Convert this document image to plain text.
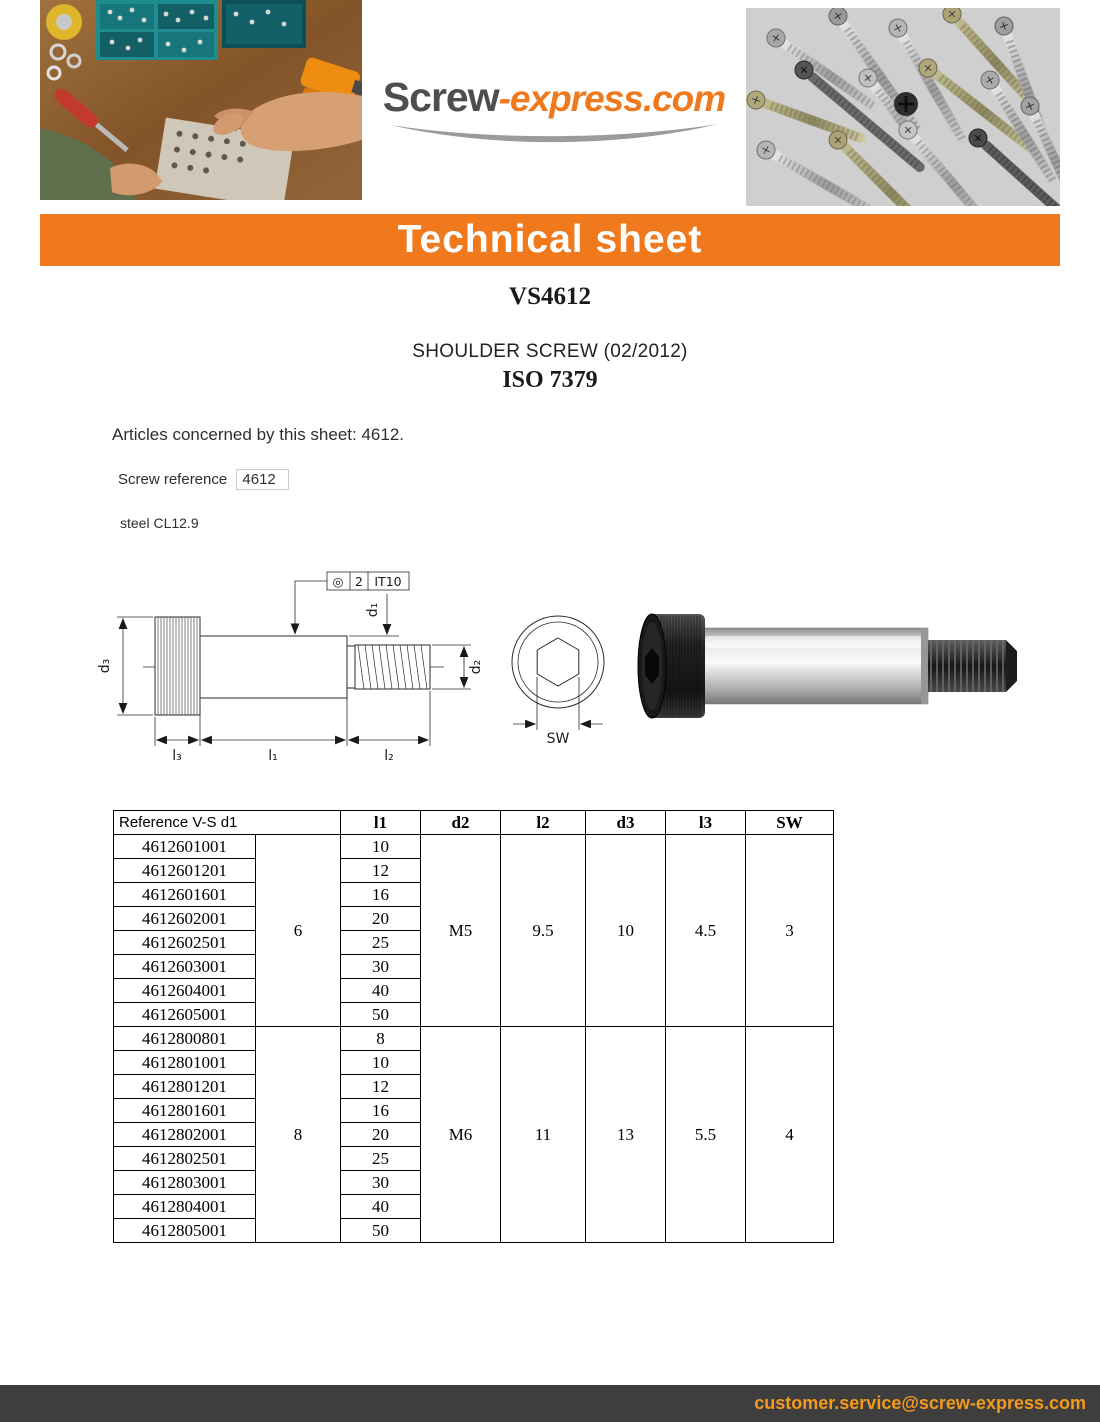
Screw-express.com
Technical sheet
VS4612
SHOULDER SCREW (02/2012)
ISO 7379
Articles concerned by this sheet: 4612.
Screw reference 4612
steel CL12.9
d₃
l₃	l₁	l₂
d₁
d₂
◎ 2 IT10
SW
Reference V-S d1		l1	d2	l2	d3	l3	SW
4612601001	6	10	M5	9.5	10	4.5	3
4612601201		12					
4612601601		16					
4612602001		20					
4612602501		25					
4612603001		30					
4612604001		40					
4612605001		50					
4612800801	8	8	M6	11	13	5.5	4
4612801001		10					
4612801201		12					
4612801601		16					
4612802001		20					
4612802501		25					
4612803001		30					
4612804001		40					
4612805001		50					
customer.service@screw-express.com
